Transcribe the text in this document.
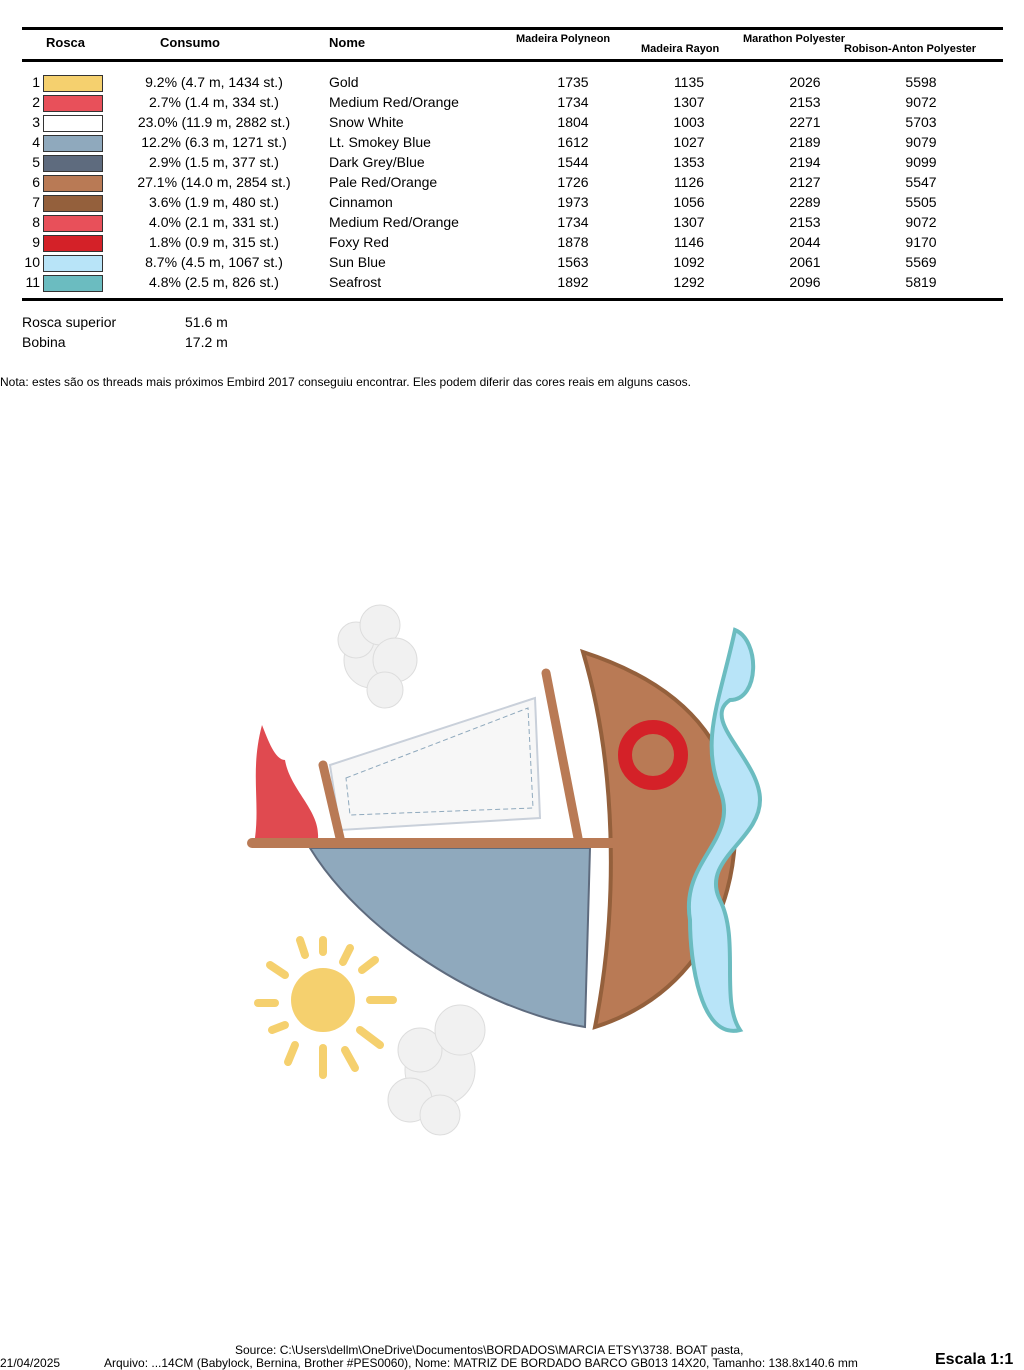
Rosca	Consumo	Nome	Madeira Polyneon
Madeira Rayon
Marathon Polyester
Robison-Anton Polyester
1	9.2% (4.7 m, 1434 st.)	Gold	1735	1135	2026	5598
2	2.7% (1.4 m, 334 st.)	Medium Red/Orange	1734	1307	2153	9072
3	23.0% (11.9 m, 2882 st.)	Snow White	1804	1003	2271	5703
4	12.2% (6.3 m, 1271 st.)	Lt. Smokey Blue	1612	1027	2189	9079
5	2.9% (1.5 m, 377 st.)	Dark Grey/Blue	1544	1353	2194	9099
6	27.1% (14.0 m, 2854 st.)	Pale Red/Orange	1726	1126	2127	5547
7	3.6% (1.9 m, 480 st.)	Cinnamon	1973	1056	2289	5505
8	4.0% (2.1 m, 331 st.)	Medium Red/Orange	1734	1307	2153	9072
9	1.8% (0.9 m, 315 st.)	Foxy Red	1878	1146	2044	9170
10	8.7% (4.5 m, 1067 st.)	Sun Blue	1563	1092	2061	5569
11	4.8% (2.5 m, 826 st.)	Seafrost	1892	1292	2096	5819
Rosca superior	51.6 m
Bobina	17.2 m
Nota: estes são os threads mais próximos Embird 2017 conseguiu encontrar. Eles podem diferir das cores reais em alguns casos.
21/04/2025
Source: C:\Users\dellm\OneDrive\Documentos\BORDADOS\MARCIA ETSY\3738. BOAT pasta,
Arquivo: ...14CM (Babylock, Bernina, Brother #PES0060), Nome: MATRIZ DE BORDADO BARCO GB013 14X20, Tamanho: 138.8x140.6 mm	Escala 1:1
